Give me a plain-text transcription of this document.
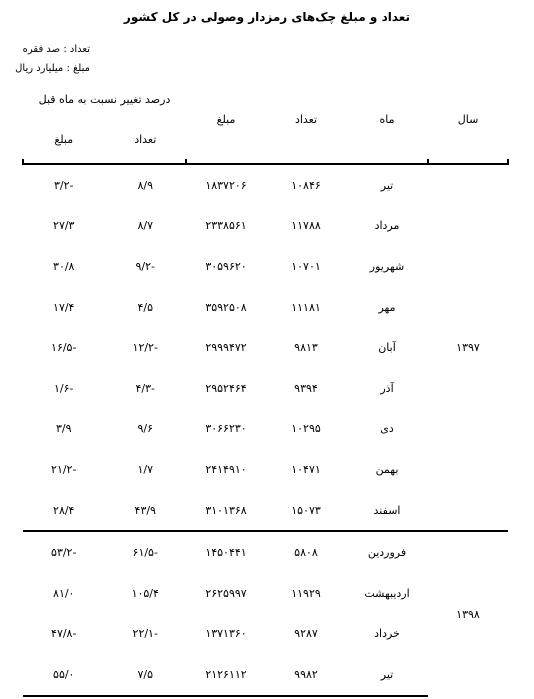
تعداد و مبلغ چک‌های رمزدار وصولی در کل کشور
تعداد : صد فقره
مبلغ : میلیارد ریال
سال	ماه	تعداد	مبلغ	درصد تغییر نسبت به ماه قبل	
				تعداد	مبلغ

۱۳۹۷	تیر	۱۰۸۴۶	۱۸۳۷۲۰۶	۸/۹	-۳/۲
	مرداد	۱۱۷۸۸	۲۳۳۸۵۶۱	۸/۷	۲۷/۳
	شهریور	۱۰۷۰۱	۳۰۵۹۶۲۰	-۹/۲	۳۰/۸
	مهر	۱۱۱۸۱	۳۵۹۲۵۰۸	۴/۵	۱۷/۴
	آبان	۹۸۱۳	۲۹۹۹۴۷۲	-۱۲/۲	-۱۶/۵
	آذر	۹۳۹۴	۲۹۵۲۴۶۴	-۴/۳	-۱/۶
	دی	۱۰۲۹۵	۳۰۶۶۲۳۰	۹/۶	۳/۹
	بهمن	۱۰۴۷۱	۲۴۱۴۹۱۰	۱/۷	-۲۱/۲
	اسفند	۱۵۰۷۳	۳۱۰۱۳۶۸	۴۳/۹	۲۸/۴
۱۳۹۸	فروردین	۵۸۰۸	۱۴۵۰۴۴۱	-۶۱/۵	-۵۳/۲
	اردیبهشت	۱۱۹۲۹	۲۶۲۵۹۹۷	۱۰۵/۴	۸۱/۰
	خرداد	۹۲۸۷	۱۳۷۱۳۶۰	-۲۲/۱	-۴۷/۸
	تیر	۹۹۸۲	۲۱۲۶۱۱۲	۷/۵	۵۵/۰
